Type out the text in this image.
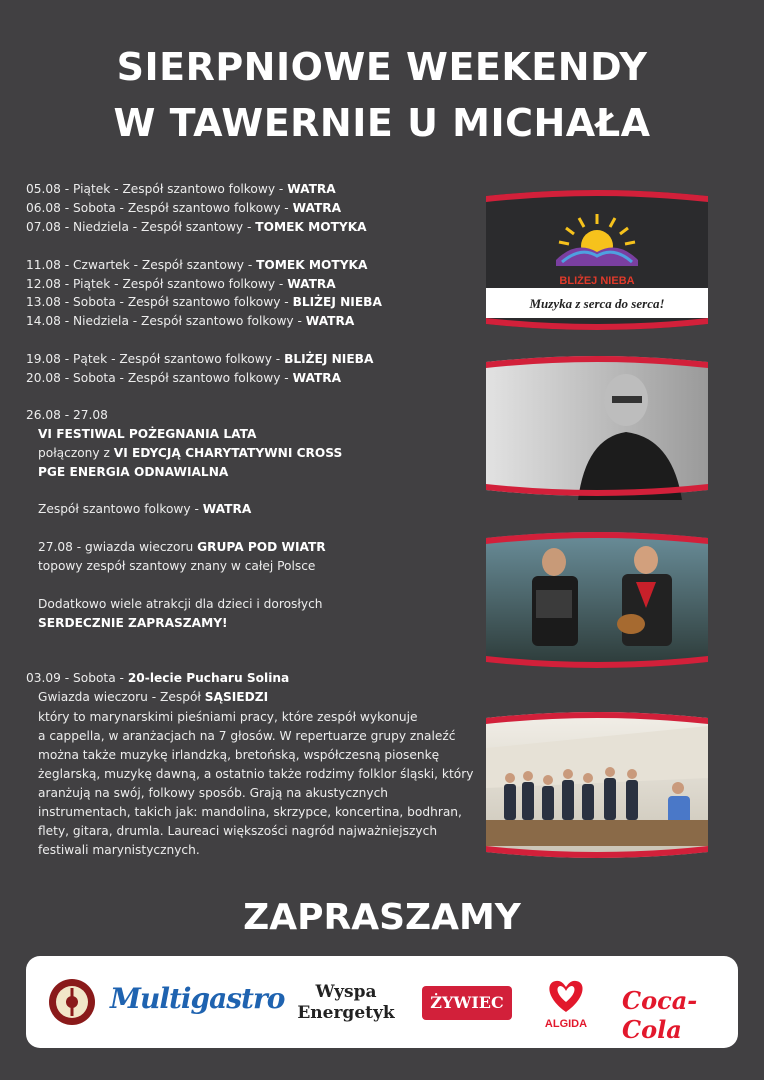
SIERPNIOWE WEEKENDY
W TAWERNIE U MICHAŁA
05.08 - Piątek - Zespół szantowo folkowy - WATRA
06.08 - Sobota - Zespół szantowo folkowy - WATRA
07.08 - Niedziela - Zespół szantowy - TOMEK MOTYKA
11.08 - Czwartek - Zespół szantowy - TOMEK MOTYKA
12.08 - Piątek - Zespół szantowo folkowy - WATRA
13.08 - Sobota - Zespół szantowo folkowy - BLIŻEJ NIEBA
14.08 - Niedziela - Zespół szantowo folkowy - WATRA
19.08 - Pątek - Zespół szantowo folkowy - BLIŻEJ NIEBA
20.08 - Sobota - Zespół szantowo folkowy - WATRA
26.08 - 27.08
VI FESTIWAL POŻEGNANIA LATA
połączony z VI EDYCJĄ CHARYTATYWNI CROSS
PGE ENERGIA ODNAWIALNA
Zespół szantowo folkowy - WATRA
27.08 - gwiazda wieczoru GRUPA POD WIATR
topowy zespół szantowy znany w całej Polsce
Dodatkowo wiele atrakcji dla dzieci i dorosłych
SERDECZNIE ZAPRASZAMY!
03.09 - Sobota - 20-lecie Pucharu Solina
Gwiazda wieczoru - Zespół SĄSIEDZI
który to marynarskimi pieśniami pracy, które zespół wykonuje
a cappella, w aranżacjach na 7 głosów. W repertuarze grupy znaleźć
można także muzykę irlandzką, bretońską, współczesną piosenkę
żeglarską, muzykę dawną, a ostatnio także rodzimy folklor śląski, który
aranżują na swój, folkowy sposób. Grają na akustycznych
instrumentach, takich jak: mandolina, skrzypce, koncertina, bodhran,
flety, gitara, drumla. Laureaci większości nagród najważniejszych
festiwali marynistycznych.
BLIŻEJ NIEBA
Muzyka z serca do serca!
ZAPRASZAMY
Multigastro	Wyspa
Energetyk
ŻYWIEC
ALGIDA
Coca-Cola
